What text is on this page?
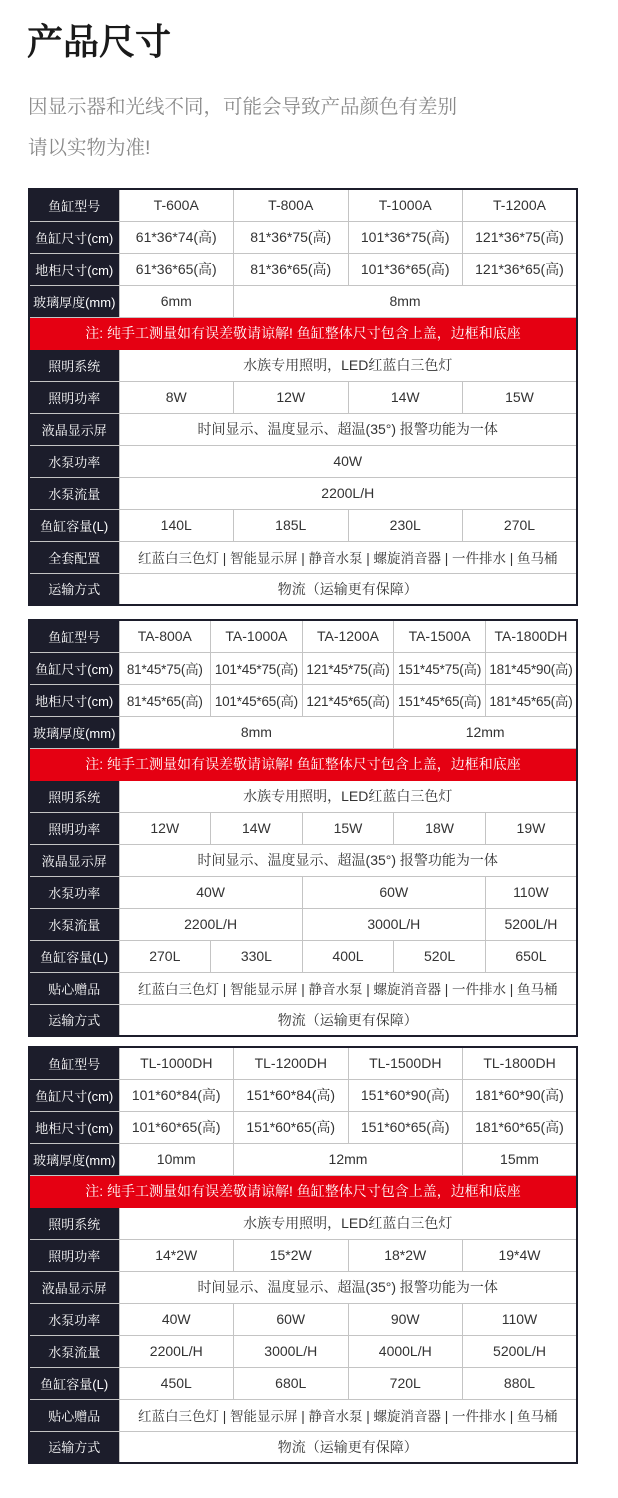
产品尺寸

因显示器和光线不同，可能会导致产品颜色有差别

请以实物为准!

鱼缸型号	T-600A	T-800A	T-1000A	T-1200A
鱼缸尺寸(cm)	61*36*74(高)	81*36*75(高)	101*36*75(高)	121*36*75(高)
地柜尺寸(cm)	61*36*65(高)	81*36*65(高)	101*36*65(高)	121*36*65(高)
玻璃厚度(mm)	6mm	8mm		
注: 纯手工测量如有误差敬请谅解! 鱼缸整体尺寸包含上盖，边框和底座				
照明系统	水族专用照明，LED红蓝白三色灯			
照明功率	8W	12W	14W	15W
液晶显示屏	时间显示、温度显示、超温(35°) 报警功能为一体			
水泵功率	40W			
水泵流量	2200L/H			
鱼缸容量(L)	140L	185L	230L	270L
全套配置	红蓝白三色灯 | 智能显示屏 | 静音水泵 | 螺旋消音器 | 一件排水 | 鱼马桶			
运输方式	物流（运输更有保障）			
鱼缸型号	TA-800A	TA-1000A	TA-1200A	TA-1500A	TA-1800DH
鱼缸尺寸(cm)	81*45*75(高)	101*45*75(高)	121*45*75(高)	151*45*75(高)	181*45*90(高)
地柜尺寸(cm)	81*45*65(高)	101*45*65(高)	121*45*65(高)	151*45*65(高)	181*45*65(高)
玻璃厚度(mm)	8mm			12mm	
注: 纯手工测量如有误差敬请谅解! 鱼缸整体尺寸包含上盖，边框和底座					
照明系统	水族专用照明，LED红蓝白三色灯				
照明功率	12W	14W	15W	18W	19W
液晶显示屏	时间显示、温度显示、超温(35°) 报警功能为一体				
水泵功率	40W		60W		110W
水泵流量	2200L/H		3000L/H		5200L/H
鱼缸容量(L)	270L	330L	400L	520L	650L
贴心赠品	红蓝白三色灯 | 智能显示屏 | 静音水泵 | 螺旋消音器 | 一件排水 | 鱼马桶				
运输方式	物流（运输更有保障）				
鱼缸型号	TL-1000DH	TL-1200DH	TL-1500DH	TL-1800DH
鱼缸尺寸(cm)	101*60*84(高)	151*60*84(高)	151*60*90(高)	181*60*90(高)
地柜尺寸(cm)	101*60*65(高)	151*60*65(高)	151*60*65(高)	181*60*65(高)
玻璃厚度(mm)	10mm	12mm		15mm
注: 纯手工测量如有误差敬请谅解! 鱼缸整体尺寸包含上盖，边框和底座				
照明系统	水族专用照明，LED红蓝白三色灯			
照明功率	14*2W	15*2W	18*2W	19*4W
液晶显示屏	时间显示、温度显示、超温(35°) 报警功能为一体			
水泵功率	40W	60W	90W	110W
水泵流量	2200L/H	3000L/H	4000L/H	5200L/H
鱼缸容量(L)	450L	680L	720L	880L
贴心赠品	红蓝白三色灯 | 智能显示屏 | 静音水泵 | 螺旋消音器 | 一件排水 | 鱼马桶			
运输方式	物流（运输更有保障）			
